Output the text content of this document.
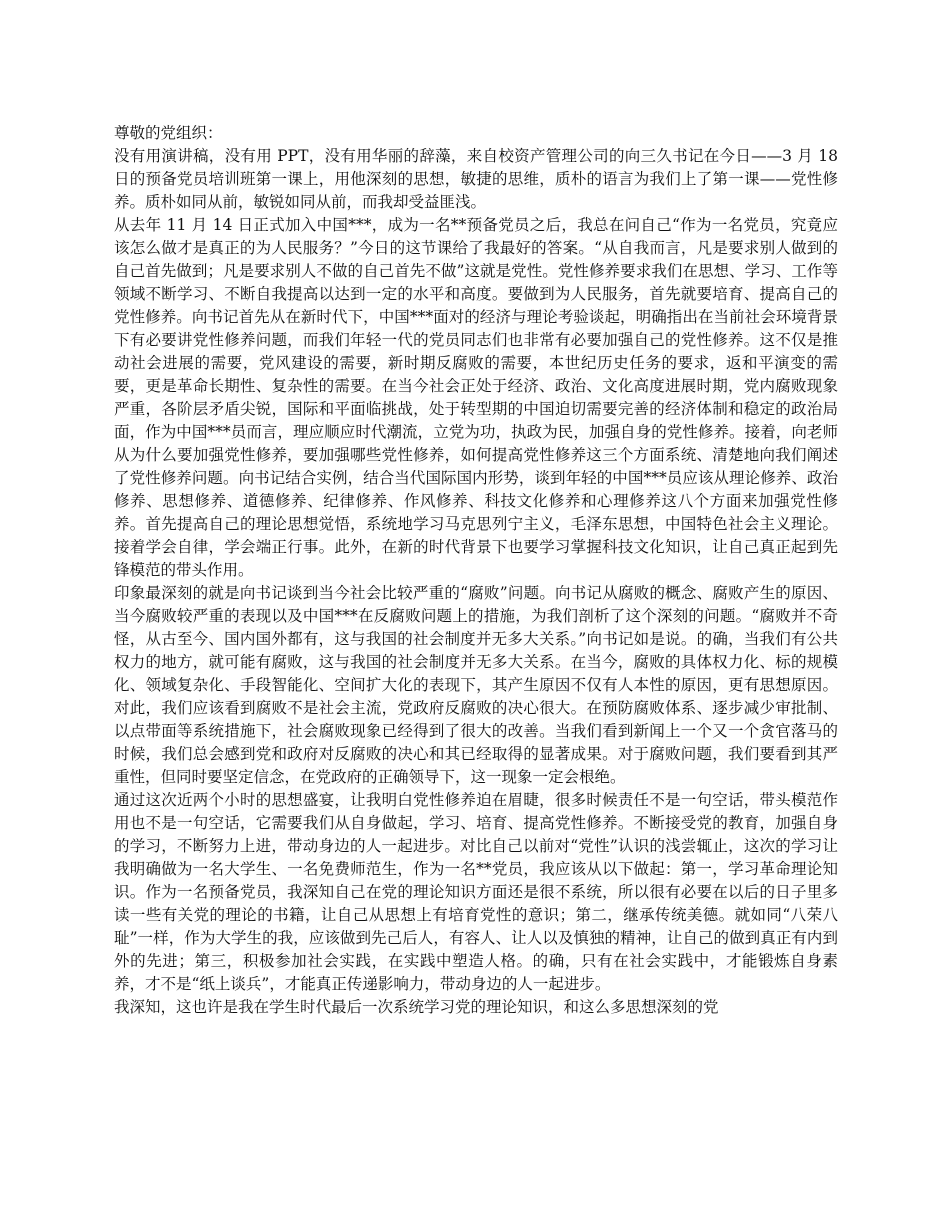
尊敬的党组织：

没有用演讲稿，没有用 PPT，没有用华丽的辞藻，来自校资产管理公司的向三久书记在今日——3 月 18 日的预备党员培训班第一课上，用他深刻的思想，敏捷的思维，质朴的语言为我们上了第一课——党性修养。质朴如同从前，敏锐如同从前，而我却受益匪浅。

从去年 11 月 14 日正式加入中国***，成为一名**预备党员之后，我总在问自己“作为一名党员，究竟应该怎么做才是真正的为人民服务？”今日的这节课给了我最好的答案。“从自我而言，凡是要求别人做到的自己首先做到；凡是要求别人不做的自己首先不做”这就是党性。党性修养要求我们在思想、学习、工作等领域不断学习、不断自我提高以达到一定的水平和高度。要做到为人民服务，首先就要培育、提高自己的党性修养。向书记首先从在新时代下，中国***面对的经济与理论考验谈起，明确指出在当前社会环境背景下有必要讲党性修养问题，而我们年轻一代的党员同志们也非常有必要加强自己的党性修养。这不仅是推动社会进展的需要，党风建设的需要，新时期反腐败的需要，本世纪历史任务的要求，返和平演变的需要，更是革命长期性、复杂性的需要。在当今社会正处于经济、政治、文化高度进展时期，党内腐败现象严重，各阶层矛盾尖锐，国际和平面临挑战，处于转型期的中国迫切需要完善的经济体制和稳定的政治局面，作为中国***员而言，理应顺应时代潮流，立党为功，执政为民，加强自身的党性修养。接着，向老师从为什么要加强党性修养，要加强哪些党性修养，如何提高党性修养这三个方面系统、清楚地向我们阐述了党性修养问题。向书记结合实例，结合当代国际国内形势，谈到年轻的中国***员应该从理论修养、政治修养、思想修养、道德修养、纪律修养、作风修养、科技文化修养和心理修养这八个方面来加强党性修养。首先提高自己的理论思想觉悟，系统地学习马克思列宁主义，毛泽东思想，中国特色社会主义理论。接着学会自律，学会端正行事。此外，在新的时代背景下也要学习掌握科技文化知识，让自己真正起到先锋模范的带头作用。

印象最深刻的就是向书记谈到当今社会比较严重的“腐败”问题。向书记从腐败的概念、腐败产生的原因、当今腐败较严重的表现以及中国***在反腐败问题上的措施，为我们剖析了这个深刻的问题。“腐败并不奇怪，从古至今、国内国外都有，这与我国的社会制度并无多大关系。”向书记如是说。的确，当我们有公共权力的地方，就可能有腐败，这与我国的社会制度并无多大关系。在当今，腐败的具体权力化、标的规模化、领域复杂化、手段智能化、空间扩大化的表现下，其产生原因不仅有人本性的原因，更有思想原因。对此，我们应该看到腐败不是社会主流，党政府反腐败的决心很大。在预防腐败体系、逐步减少审批制、以点带面等系统措施下，社会腐败现象已经得到了很大的改善。当我们看到新闻上一个又一个贪官落马的时候，我们总会感到党和政府对反腐败的决心和其已经取得的显著成果。对于腐败问题，我们要看到其严重性，但同时要坚定信念，在党政府的正确领导下，这一现象一定会根绝。

通过这次近两个小时的思想盛宴，让我明白党性修养迫在眉睫，很多时候责任不是一句空话，带头模范作用也不是一句空话，它需要我们从自身做起，学习、培育、提高党性修养。不断接受党的教育，加强自身的学习，不断努力上进，带动身边的人一起进步。对比自己以前对“党性”认识的浅尝辄止，这次的学习让我明确做为一名大学生、一名免费师范生，作为一名**党员，我应该从以下做起：第一，学习革命理论知识。作为一名预备党员，我深知自己在党的理论知识方面还是很不系统，所以很有必要在以后的日子里多读一些有关党的理论的书籍，让自己从思想上有培育党性的意识；第二，继承传统美德。就如同“八荣八耻”一样，作为大学生的我，应该做到先己后人，有容人、让人以及慎独的精神，让自己的做到真正有内到外的先进；第三，积极参加社会实践，在实践中塑造人格。的确，只有在社会实践中，才能锻炼自身素养，才不是“纸上谈兵”，才能真正传递影响力，带动身边的人一起进步。

我深知，这也许是我在学生时代最后一次系统学习党的理论知识，和这么多思想深刻的党
